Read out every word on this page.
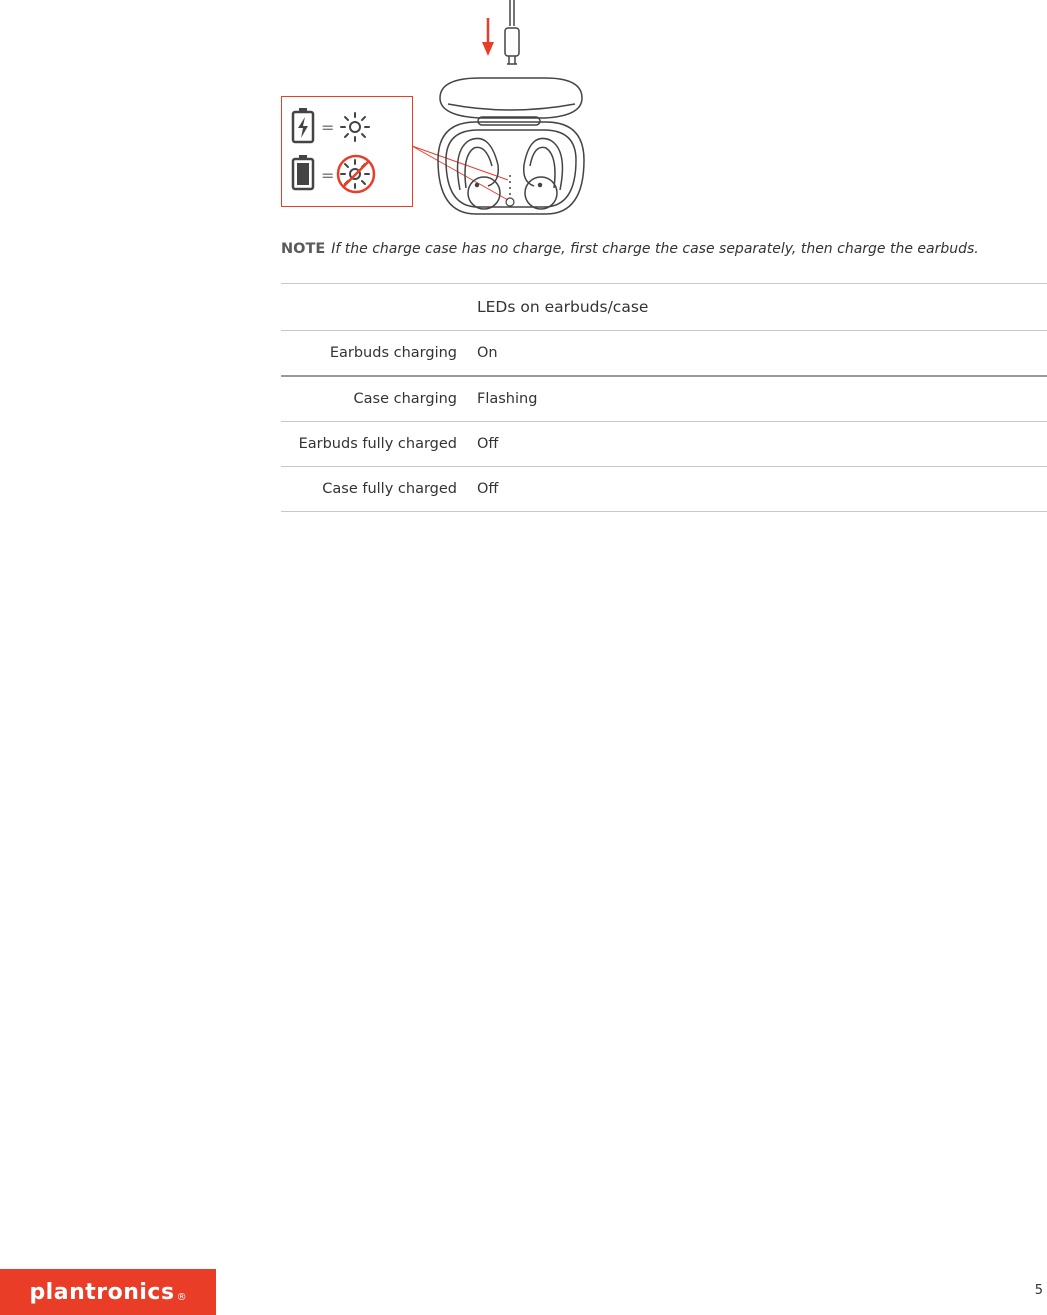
=
=
NOTE If the charge case has no charge, first charge the case separately, then charge the earbuds.
	LEDs on earbuds/case
Earbuds charging	On
Case charging	Flashing
Earbuds fully charged	Off
Case fully charged	Off
plantronics ®	5
